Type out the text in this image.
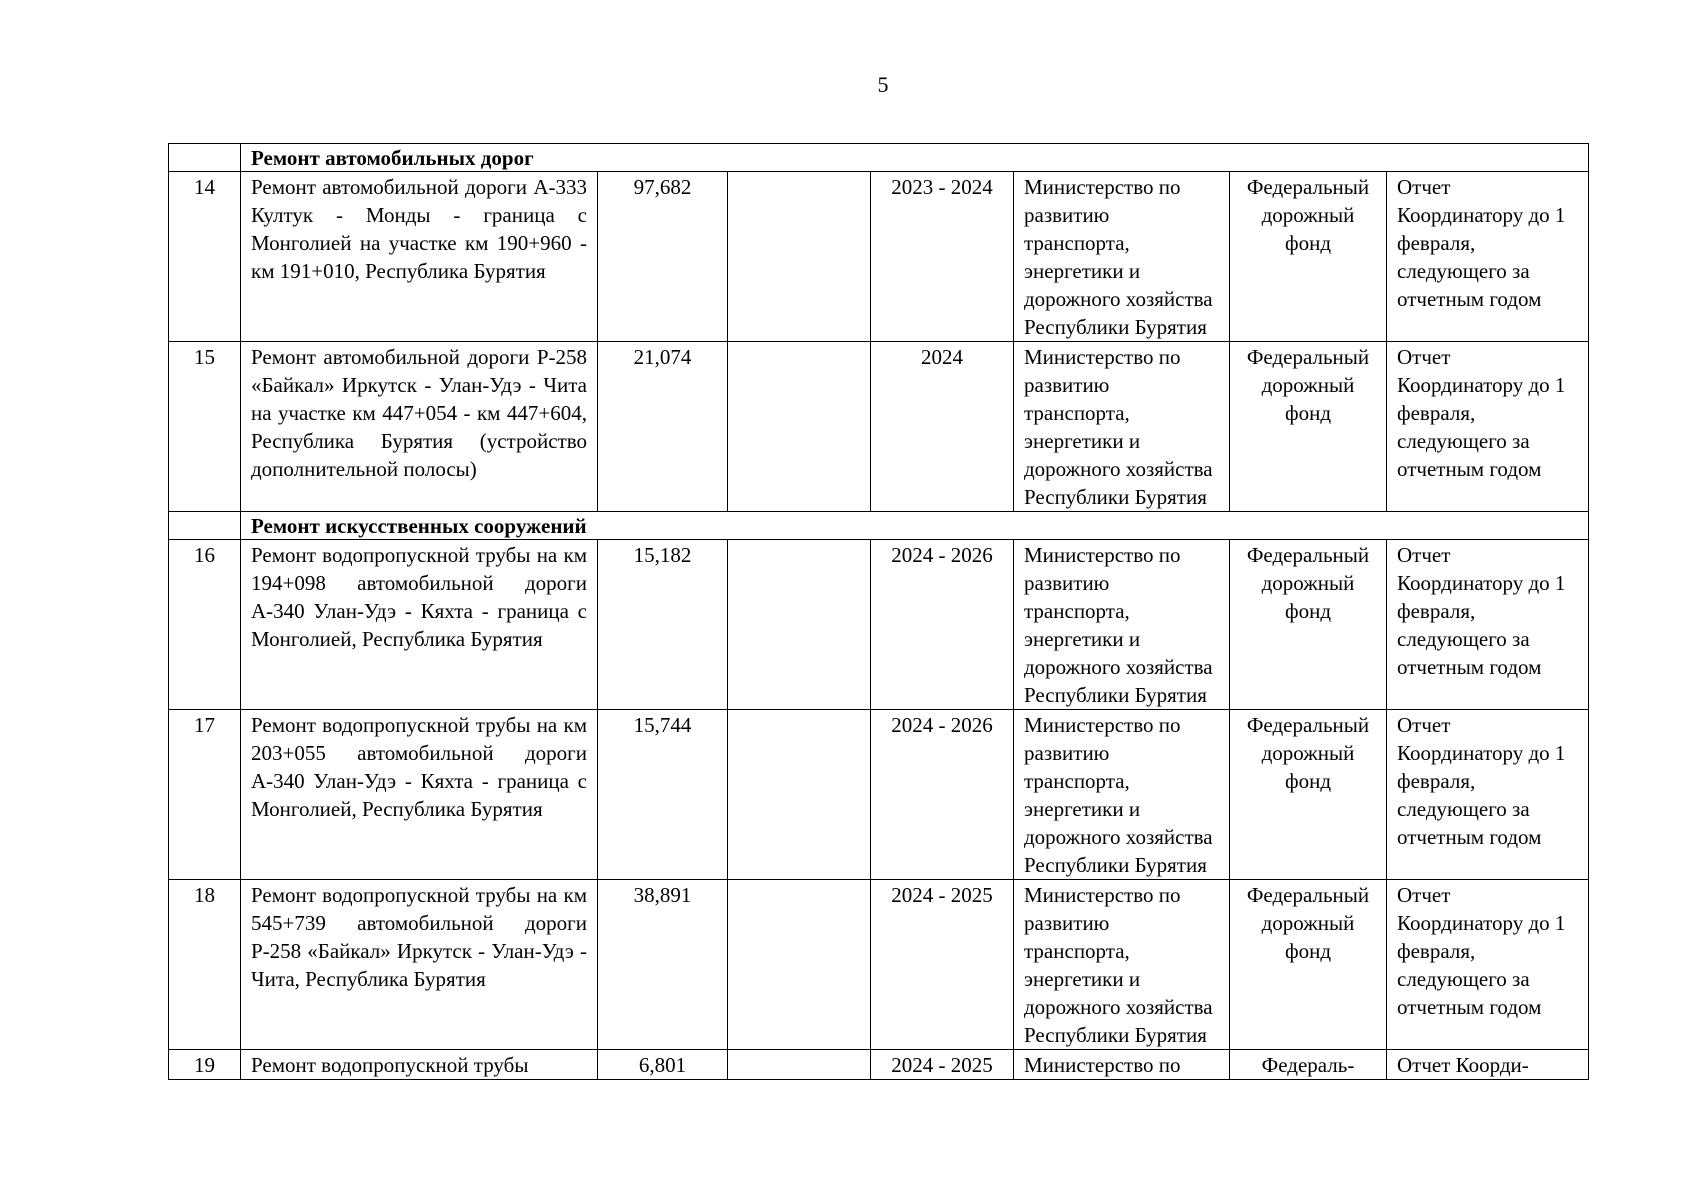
5
	Ремонт автомобильных дорог						
14	Ремонт автомобильной дороги А-333 Култук - Монды - граница с Монголией на участке км 190+960 - км 191+010, Республика Бурятия	97,682		2023 - 2024	Министерство по развитию транспорта, энергетики и дорожного хозяйства Республики Бурятия	Федеральный дорожный фонд	Отчет Координатору до 1 февраля, следующего за отчетным годом
15	Ремонт автомобильной дороги Р-258 «Байкал» Иркутск - Улан-Удэ - Чита на участке км 447+054 - км 447+604, Республика Бурятия (устройство дополнительной полосы)	21,074		2024	Министерство по развитию транспорта, энергетики и дорожного хозяйства Республики Бурятия	Федеральный дорожный фонд	Отчет Координатору до 1 февраля, следующего за отчетным годом
	Ремонт искусственных сооружений						
16	Ремонт водопропускной трубы на км 194+098 автомобильной дороги А-340 Улан-Удэ - Кяхта - граница с Монголией, Республика Бурятия	15,182		2024 - 2026	Министерство по развитию транспорта, энергетики и дорожного хозяйства Республики Бурятия	Федеральный дорожный фонд	Отчет Координатору до 1 февраля, следующего за отчетным годом
17	Ремонт водопропускной трубы на км 203+055 автомобильной дороги А-340 Улан-Удэ - Кяхта - граница с Монголией, Республика Бурятия	15,744		2024 - 2026	Министерство по развитию транспорта, энергетики и дорожного хозяйства Республики Бурятия	Федеральный дорожный фонд	Отчет Координатору до 1 февраля, следующего за отчетным годом
18	Ремонт водопропускной трубы на км 545+739 автомобильной дороги Р-258 «Байкал» Иркутск - Улан-Удэ - Чита, Республика Бурятия	38,891		2024 - 2025	Министерство по развитию транспорта, энергетики и дорожного хозяйства Республики Бурятия	Федеральный дорожный фонд	Отчет Координатору до 1 февраля, следующего за отчетным годом
19	Ремонт водопропускной трубы	6,801		2024 - 2025	Министерство по	Федераль-	Отчет Коорди-
